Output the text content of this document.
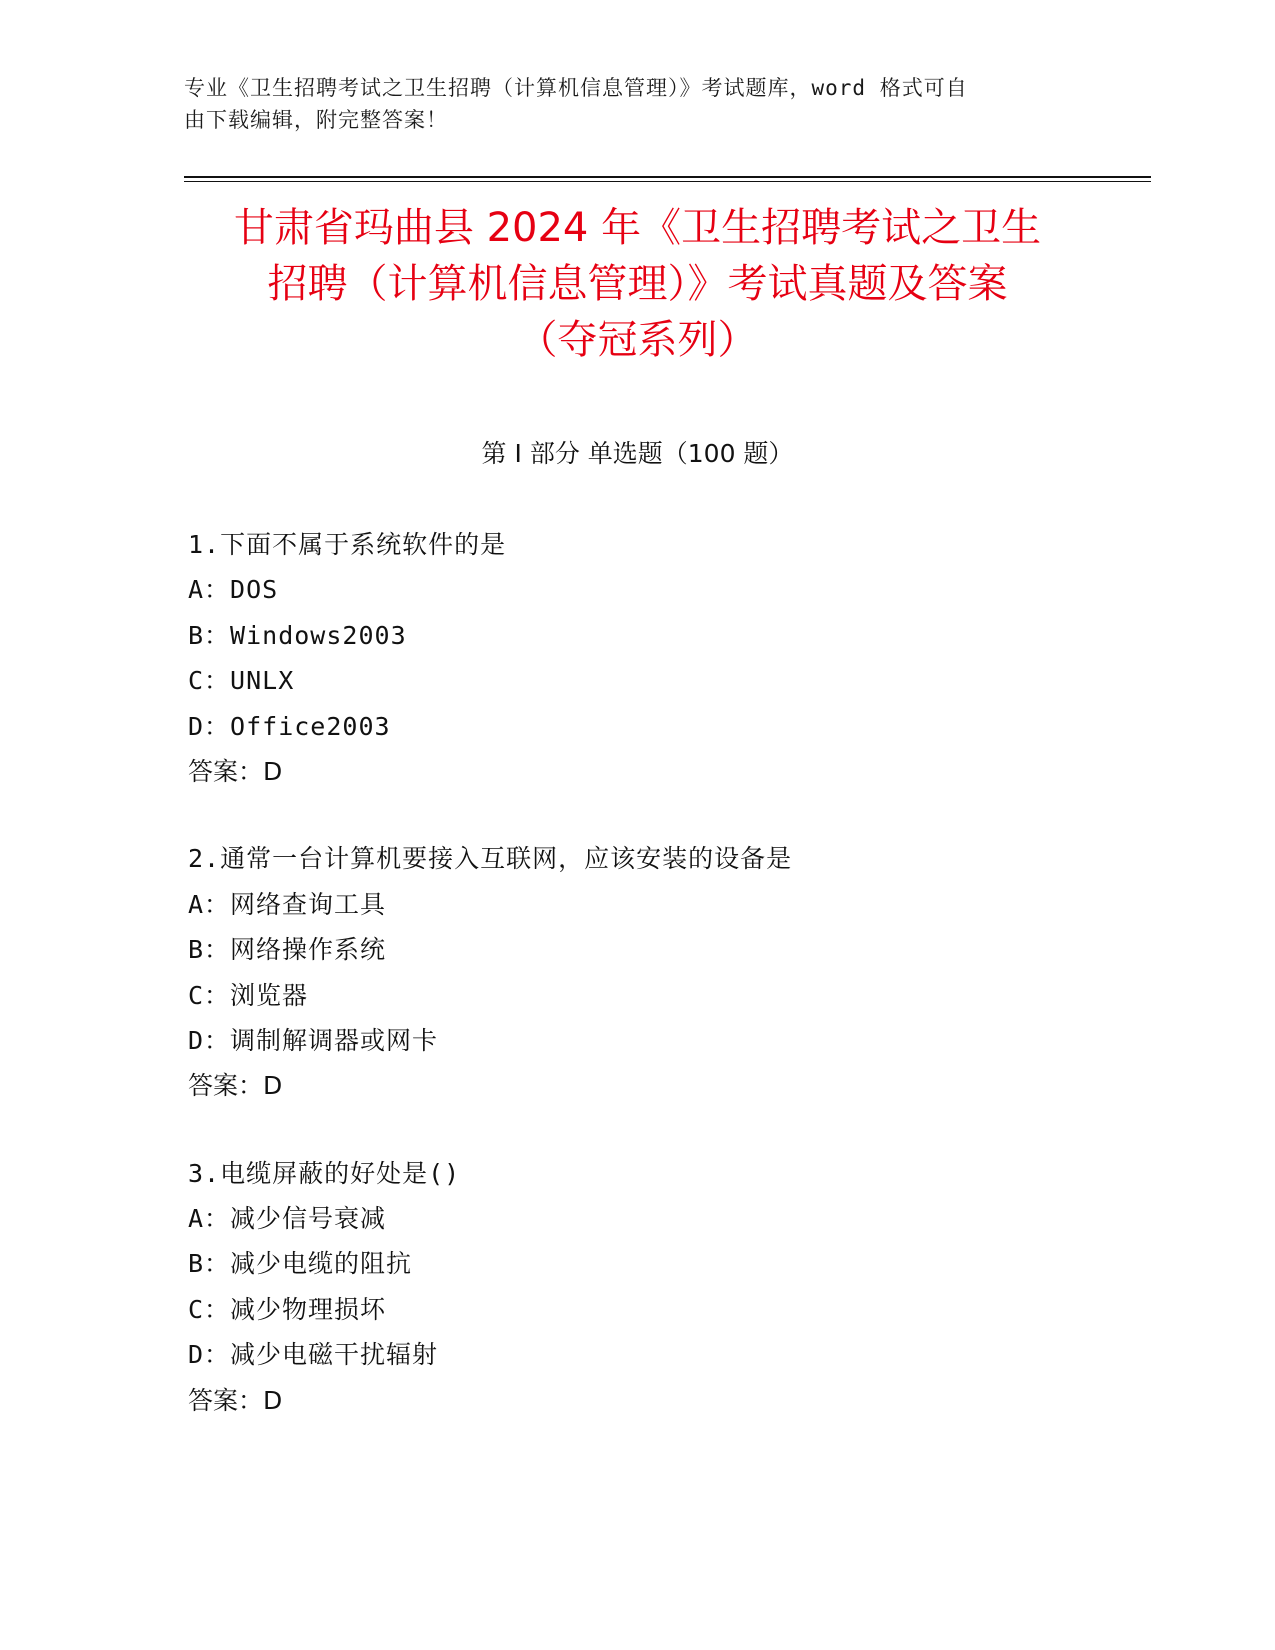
专业《卫生招聘考试之卫生招聘（计算机信息管理）》考试题库，word 格式可自
由下载编辑，附完整答案！
甘肃省玛曲县 2024 年《卫生招聘考试之卫生
招聘（计算机信息管理）》考试真题及答案
（夺冠系列）
第 I 部分 单选题（100 题）
1.下面不属于系统软件的是
A：DOS
B：Windows2003
C：UNLX
D：Office2003
答案：D
2.通常一台计算机要接入互联网，应该安装的设备是
A：网络查询工具
B：网络操作系统
C：浏览器
D：调制解调器或网卡
答案：D
3.电缆屏蔽的好处是()
A：减少信号衰减
B：减少电缆的阻抗
C：减少物理损坏
D：减少电磁干扰辐射
答案：D
